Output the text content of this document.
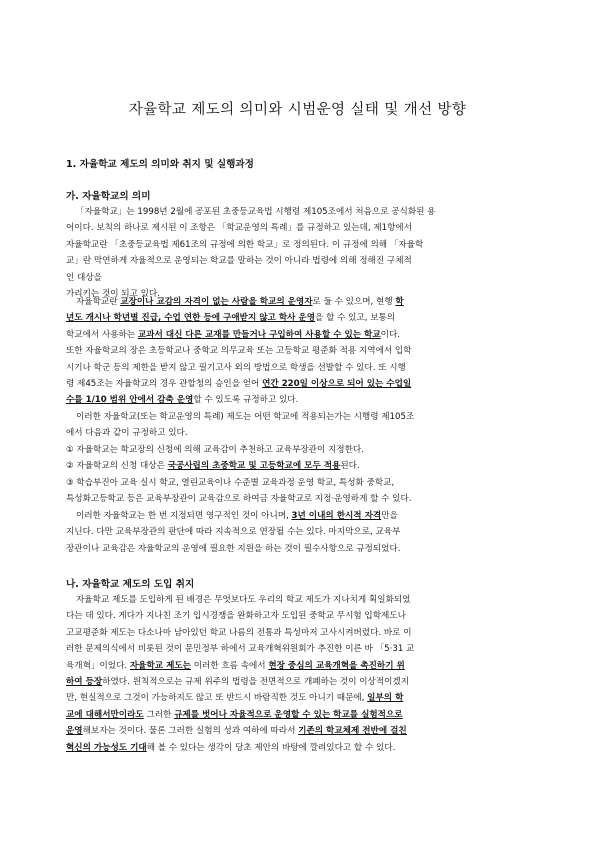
자율학교 제도의 의미와 시범운영 실태 및 개선 방향
1. 자율학교 제도의 의미와 취지 및 실행과정
가. 자율학교의 의미
「자율학교」는 1998년 2월에 공포된 초중등교육법 시행령 제105조에서 처음으로 공식화된 용
어이다. 보칙의 하나로 제시된 이 조항은 「학교운영의 특례」를 규정하고 있는데, 제1항에서
자율학교란 「초중등교육법 제61조의 규정에 의한 학교」로 정의된다. 이 규정에 의해 「자율학
교」란 막연하게 자율적으로 운영되는 학교를 말하는 것이 아니라 법령에 의해 정해진 구체적
인 대상을
가리키는 것이 되고 있다.
자율학교란 교장이나 교감의 자격이 없는 사람을 학교의 운영자로 둘 수 있으며, 현행 학
년도 개시나 학년별 진급, 수업 연한 등에 구애받지 않고 학사 운영을 할 수 있고, 보통의
학교에서 사용하는 교과서 대신 다른 교재를 만들거나 구입하여 사용할 수 있는 학교이다.
또한 자율학교의 장은 초등학교나 중학교 의무교육 또는 고등학교 평준화 적용 지역에서 입학
시기나 학군 등의 제한을 받지 않고 필기고사 외의 방법으로 학생을 선발할 수 있다. 또 시행
령 제45조는 자율학교의 경우 관할청의 승인을 얻어 연간 220일 이상으로 되어 있는 수업일
수를 1/10 범위 안에서 감축 운영할 수 있도록 규정하고 있다.
이러한 자율학교(또는 학교운영의 특례) 제도는 어떤 학교에 적용되는가는 시행령 제105조
에서 다음과 같이 규정하고 있다.
① 자율학교는 학교장의 신청에 의해 교육감이 추천하고 교육부장관이 지정한다.
② 자율학교의 신청 대상은 국공사립의 초중학교 및 고등학교에 모두 적용된다.
③ 학습부진아 교육 실시 학교, 열린교육이나 수준별 교육과정 운영 학교, 특성화 중학교,
특성화고등학교 등은 교육부장관이 교육감으로 하여금 자율학교로 지정·운영하게 할 수 있다.
이러한 자율학교는 한 번 지정되면 영구적인 것이 아니며, 3년 이내의 한시적 자격만을
지닌다. 다만 교육부장관의 판단에 따라 지속적으로 연장될 수는 있다. 마지막으로, 교육부
장관이나 교육감은 자율학교의 운영에 필요한 지원을 하는 것이 필수사항으로 규정되었다.
나. 자율학교 제도의 도입 취지
자율학교 제도를 도입하게 된 배경은 무엇보다도 우리의 학교 제도가 지나치게 획일화되었
다는 데 있다. 게다가 지나친 조기 입시경쟁을 완화하고자 도입된 중학교 무시험 입학제도나
고교평준화 제도는 다소나마 남아있던 학교 나름의 전통과 특성마저 고사시켜버렸다. 바로 이
러한 문제의식에서 비롯된 것이 문민정부 하에서 교육개혁위원회가 추진한 이른 바 「5·31 교
육개혁」이었다. 자율학교 제도는 이러한 흐름 속에서 현장 중심의 교육개혁을 촉진하기 위
하여 등장하였다. 원칙적으로는 규제 위주의 법령을 전면적으로 개폐하는 것이 이상적이겠지
만, 현실적으로 그것이 가능하지도 않고 또 반드시 바람직한 것도 아니기 때문에, 일부의 학
교에 대해서만이라도 그러한 규제를 벗어나 자율적으로 운영할 수 있는 학교를 실험적으로
운영해보자는 것이다. 물론 그러한 실험의 성과 여하에 따라서 기존의 학교체제 전반에 걸친
혁신의 가능성도 기대해 볼 수 있다는 생각이 당초 제안의 바탕에 깔려있다고 할 수 있다.
